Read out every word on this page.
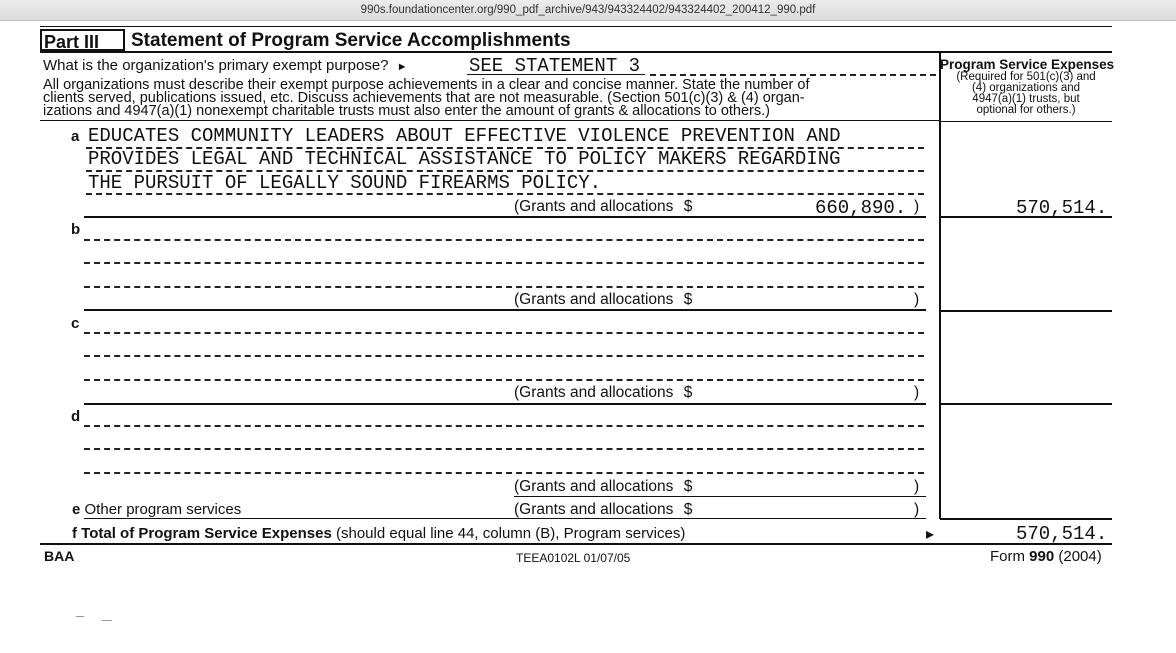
990s.foundationcenter.org/990_pdf_archive/943/943324402/943324402_200412_990.pdf
Part III	Statement of Program Service Accomplishments
What is the organization's primary exempt purpose? ►	SEE STATEMENT 3
All organizations must describe their exempt purpose achievements in a clear and concise manner. State the number of
clients served, publications issued, etc. Discuss achievements that are not measurable. (Section 501(c)(3) & (4) organ-
izations and 4947(a)(1) nonexempt charitable trusts must also enter the amount of grants & allocations to others.)
Program Service Expenses
(Required for 501(c)(3) and
(4) organizations and
4947(a)(1) trusts, but
optional for others.)
a EDUCATES COMMUNITY LEADERS ABOUT EFFECTIVE VIOLENCE PREVENTION AND
PROVIDES LEGAL AND TECHNICAL ASSISTANCE TO POLICY MAKERS REGARDING
THE PURSUIT OF LEGALLY SOUND FIREARMS POLICY.
(Grants and allocations $	660,890. )	570,514.
b
(Grants and allocations $	)
c
(Grants and allocations $	)
d
(Grants and allocations $	)
e Other program services	(Grants and allocations $	)
f Total of Program Service Expenses (should equal line 44, column (B), Program services)	▸	570,514.
BAA	TEEA0102L 01/07/05	Form 990 (2004)
